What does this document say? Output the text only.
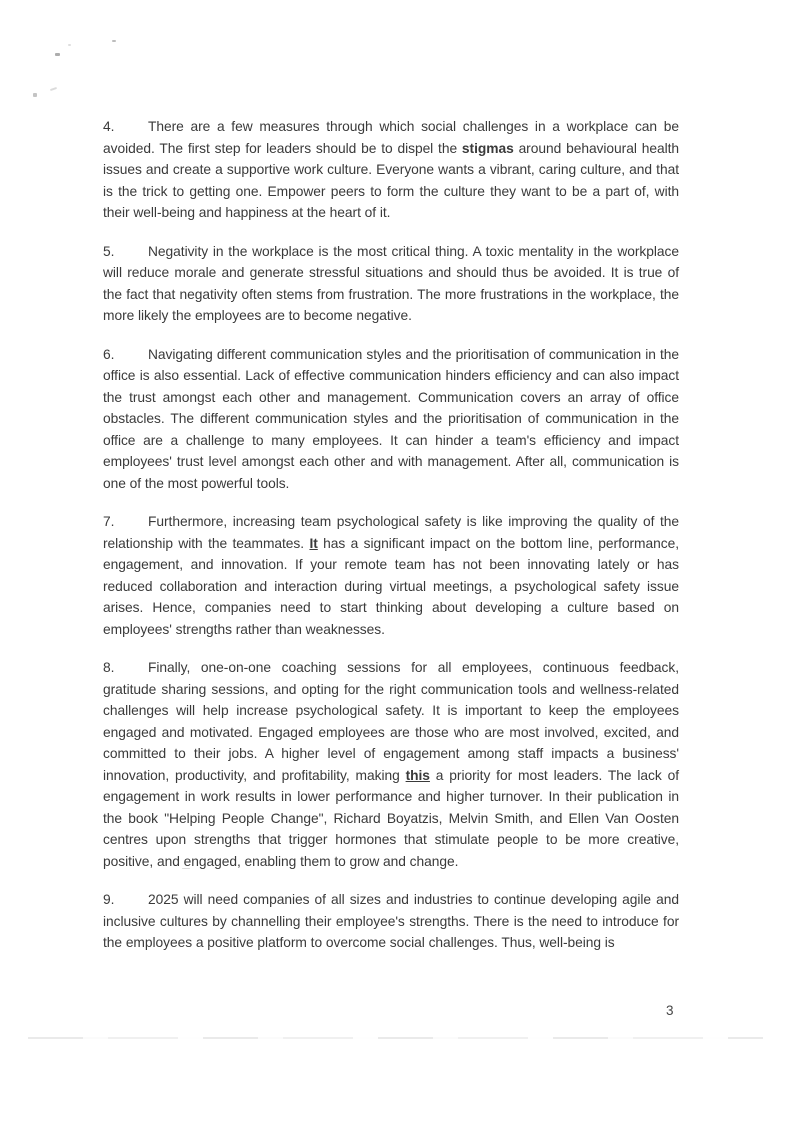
4. There are a few measures through which social challenges in a workplace can be avoided. The first step for leaders should be to dispel the stigmas around behavioural health issues and create a supportive work culture. Everyone wants a vibrant, caring culture, and that is the trick to getting one. Empower peers to form the culture they want to be a part of, with their well-being and happiness at the heart of it.

5. Negativity in the workplace is the most critical thing. A toxic mentality in the workplace will reduce morale and generate stressful situations and should thus be avoided. It is true of the fact that negativity often stems from frustration. The more frustrations in the workplace, the more likely the employees are to become negative.

6. Navigating different communication styles and the prioritisation of communication in the office is also essential. Lack of effective communication hinders efficiency and can also impact the trust amongst each other and management. Communication covers an array of office obstacles. The different communication styles and the prioritisation of communication in the office are a challenge to many employees. It can hinder a team's efficiency and impact employees' trust level amongst each other and with management. After all, communication is one of the most powerful tools.

7. Furthermore, increasing team psychological safety is like improving the quality of the relationship with the teammates. It has a significant impact on the bottom line, performance, engagement, and innovation. If your remote team has not been innovating lately or has reduced collaboration and interaction during virtual meetings, a psychological safety issue arises. Hence, companies need to start thinking about developing a culture based on employees' strengths rather than weaknesses.

8. Finally, one-on-one coaching sessions for all employees, continuous feedback, gratitude sharing sessions, and opting for the right communication tools and wellness-related challenges will help increase psychological safety. It is important to keep the employees engaged and motivated. Engaged employees are those who are most involved, excited, and committed to their jobs. A higher level of engagement among staff impacts a business' innovation, productivity, and profitability, making this a priority for most leaders. The lack of engagement in work results in lower performance and higher turnover. In their publication in the book "Helping People Change", Richard Boyatzis, Melvin Smith, and Ellen Van Oosten centres upon strengths that trigger hormones that stimulate people to be more creative, positive, and engaged, enabling them to grow and change.

9. 2025 will need companies of all sizes and industries to continue developing agile and inclusive cultures by channelling their employee's strengths. There is the need to introduce for the employees a positive platform to overcome social challenges. Thus, well-being is

3
